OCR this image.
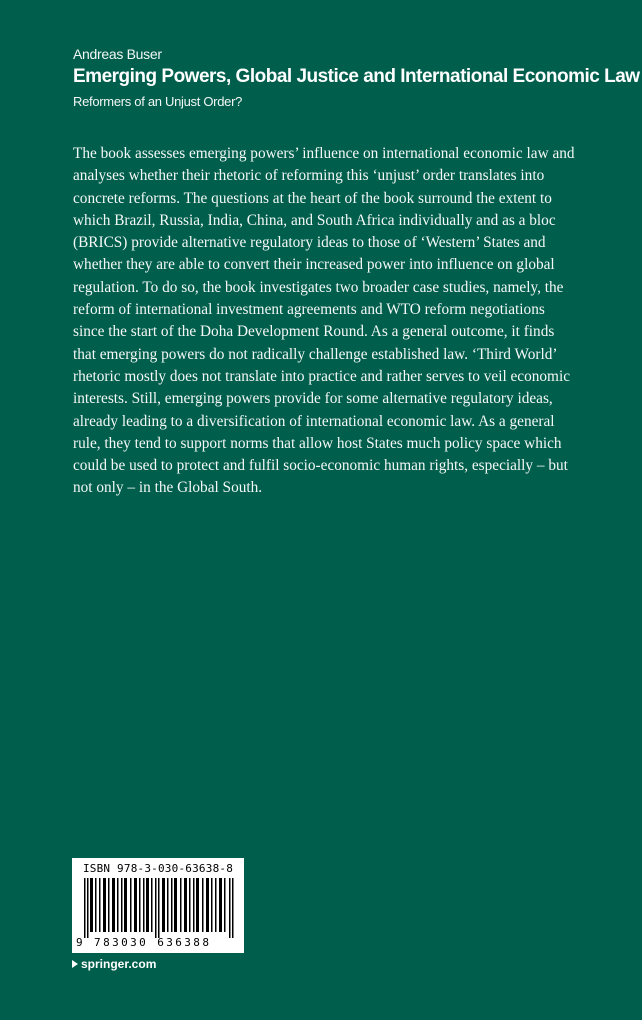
Andreas Buser
Emerging Powers, Global Justice and International Economic Law
Reformers of an Unjust Order?

The book assesses emerging powers’ influence on international economic law and analyses whether their rhetoric of reforming this ‘unjust’ order translates into concrete reforms. The questions at the heart of the book surround the extent to which Brazil, Russia, India, China, and South Africa individually and as a bloc (BRICS) provide alternative regulatory ideas to those of ‘Western’ States and whether they are able to convert their increased power into influence on global regulation. To do so, the book investigates two broader case studies, namely, the reform of international investment agreements and WTO reform negotiations since the start of the Doha Development Round. As a general outcome, it finds that emerging powers do not radically challenge established law. ‘Third World’ rhetoric mostly does not translate into practice and rather serves to veil economic interests. Still, emerging powers provide for some alternative regulatory ideas, already leading to a diversification of international economic law. As a general rule, they tend to support norms that allow host States much policy space which could be used to protect and fulfil socio-economic human rights, especially – but not only – in the Global South.

ISBN 978-3-030-63638-8
9 783030 636388
springer.com
